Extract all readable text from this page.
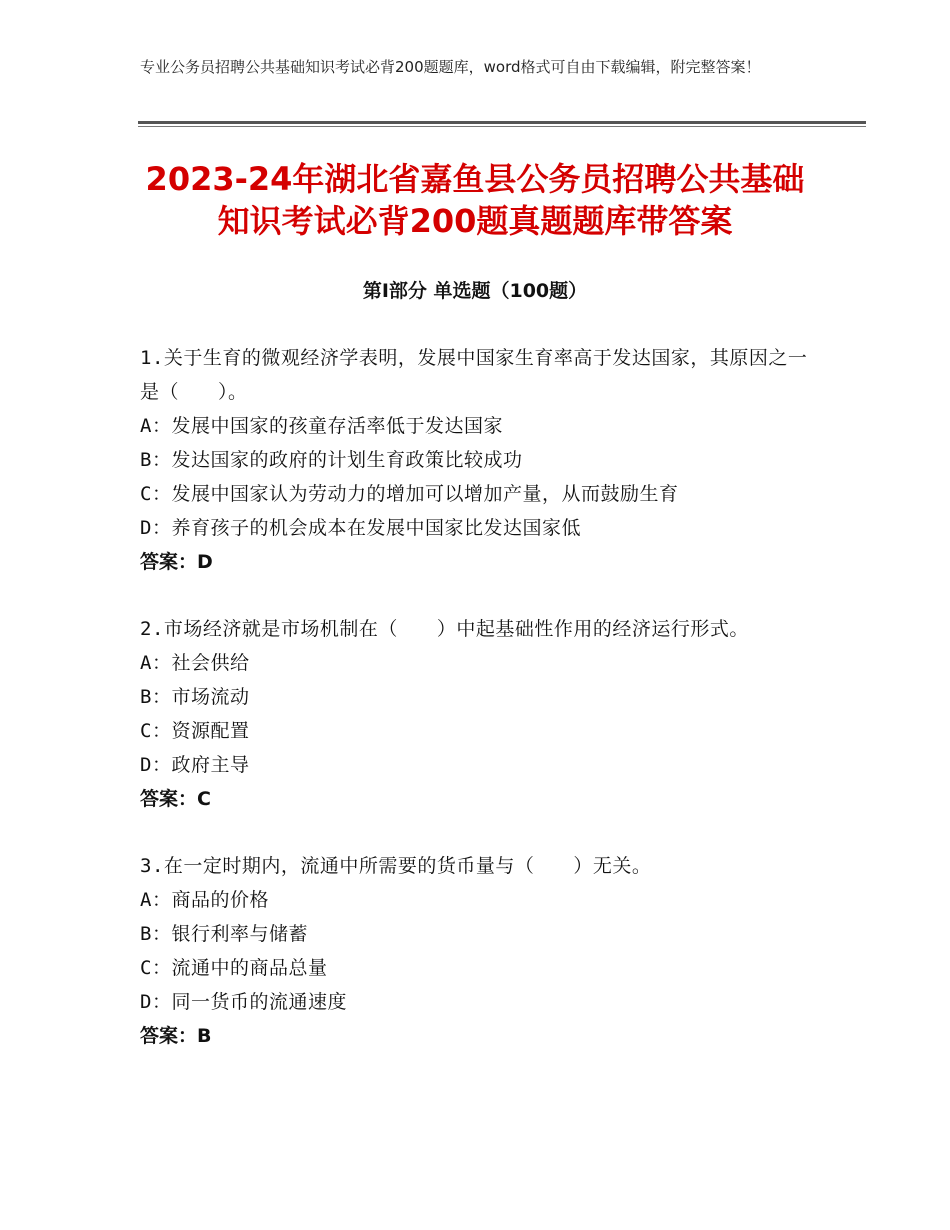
专业公务员招聘公共基础知识考试必背200题题库，word格式可自由下载编辑，附完整答案！
2023-24年湖北省嘉鱼县公务员招聘公共基础知识考试必背200题真题题库带答案
第Ⅰ部分 单选题（100题）

1.关于生育的微观经济学表明，发展中国家生育率高于发达国家，其原因之一是（　　）。

A：发展中国家的孩童存活率低于发达国家

B：发达国家的政府的计划生育政策比较成功

C：发展中国家认为劳动力的增加可以增加产量，从而鼓励生育

D：养育孩子的机会成本在发展中国家比发达国家低

答案：D

2.市场经济就是市场机制在（　　）中起基础性作用的经济运行形式。

A：社会供给

B：市场流动

C：资源配置

D：政府主导

答案：C

3.在一定时期内，流通中所需要的货币量与（　　）无关。

A：商品的价格

B：银行利率与储蓄

C：流通中的商品总量

D：同一货币的流通速度

答案：B
